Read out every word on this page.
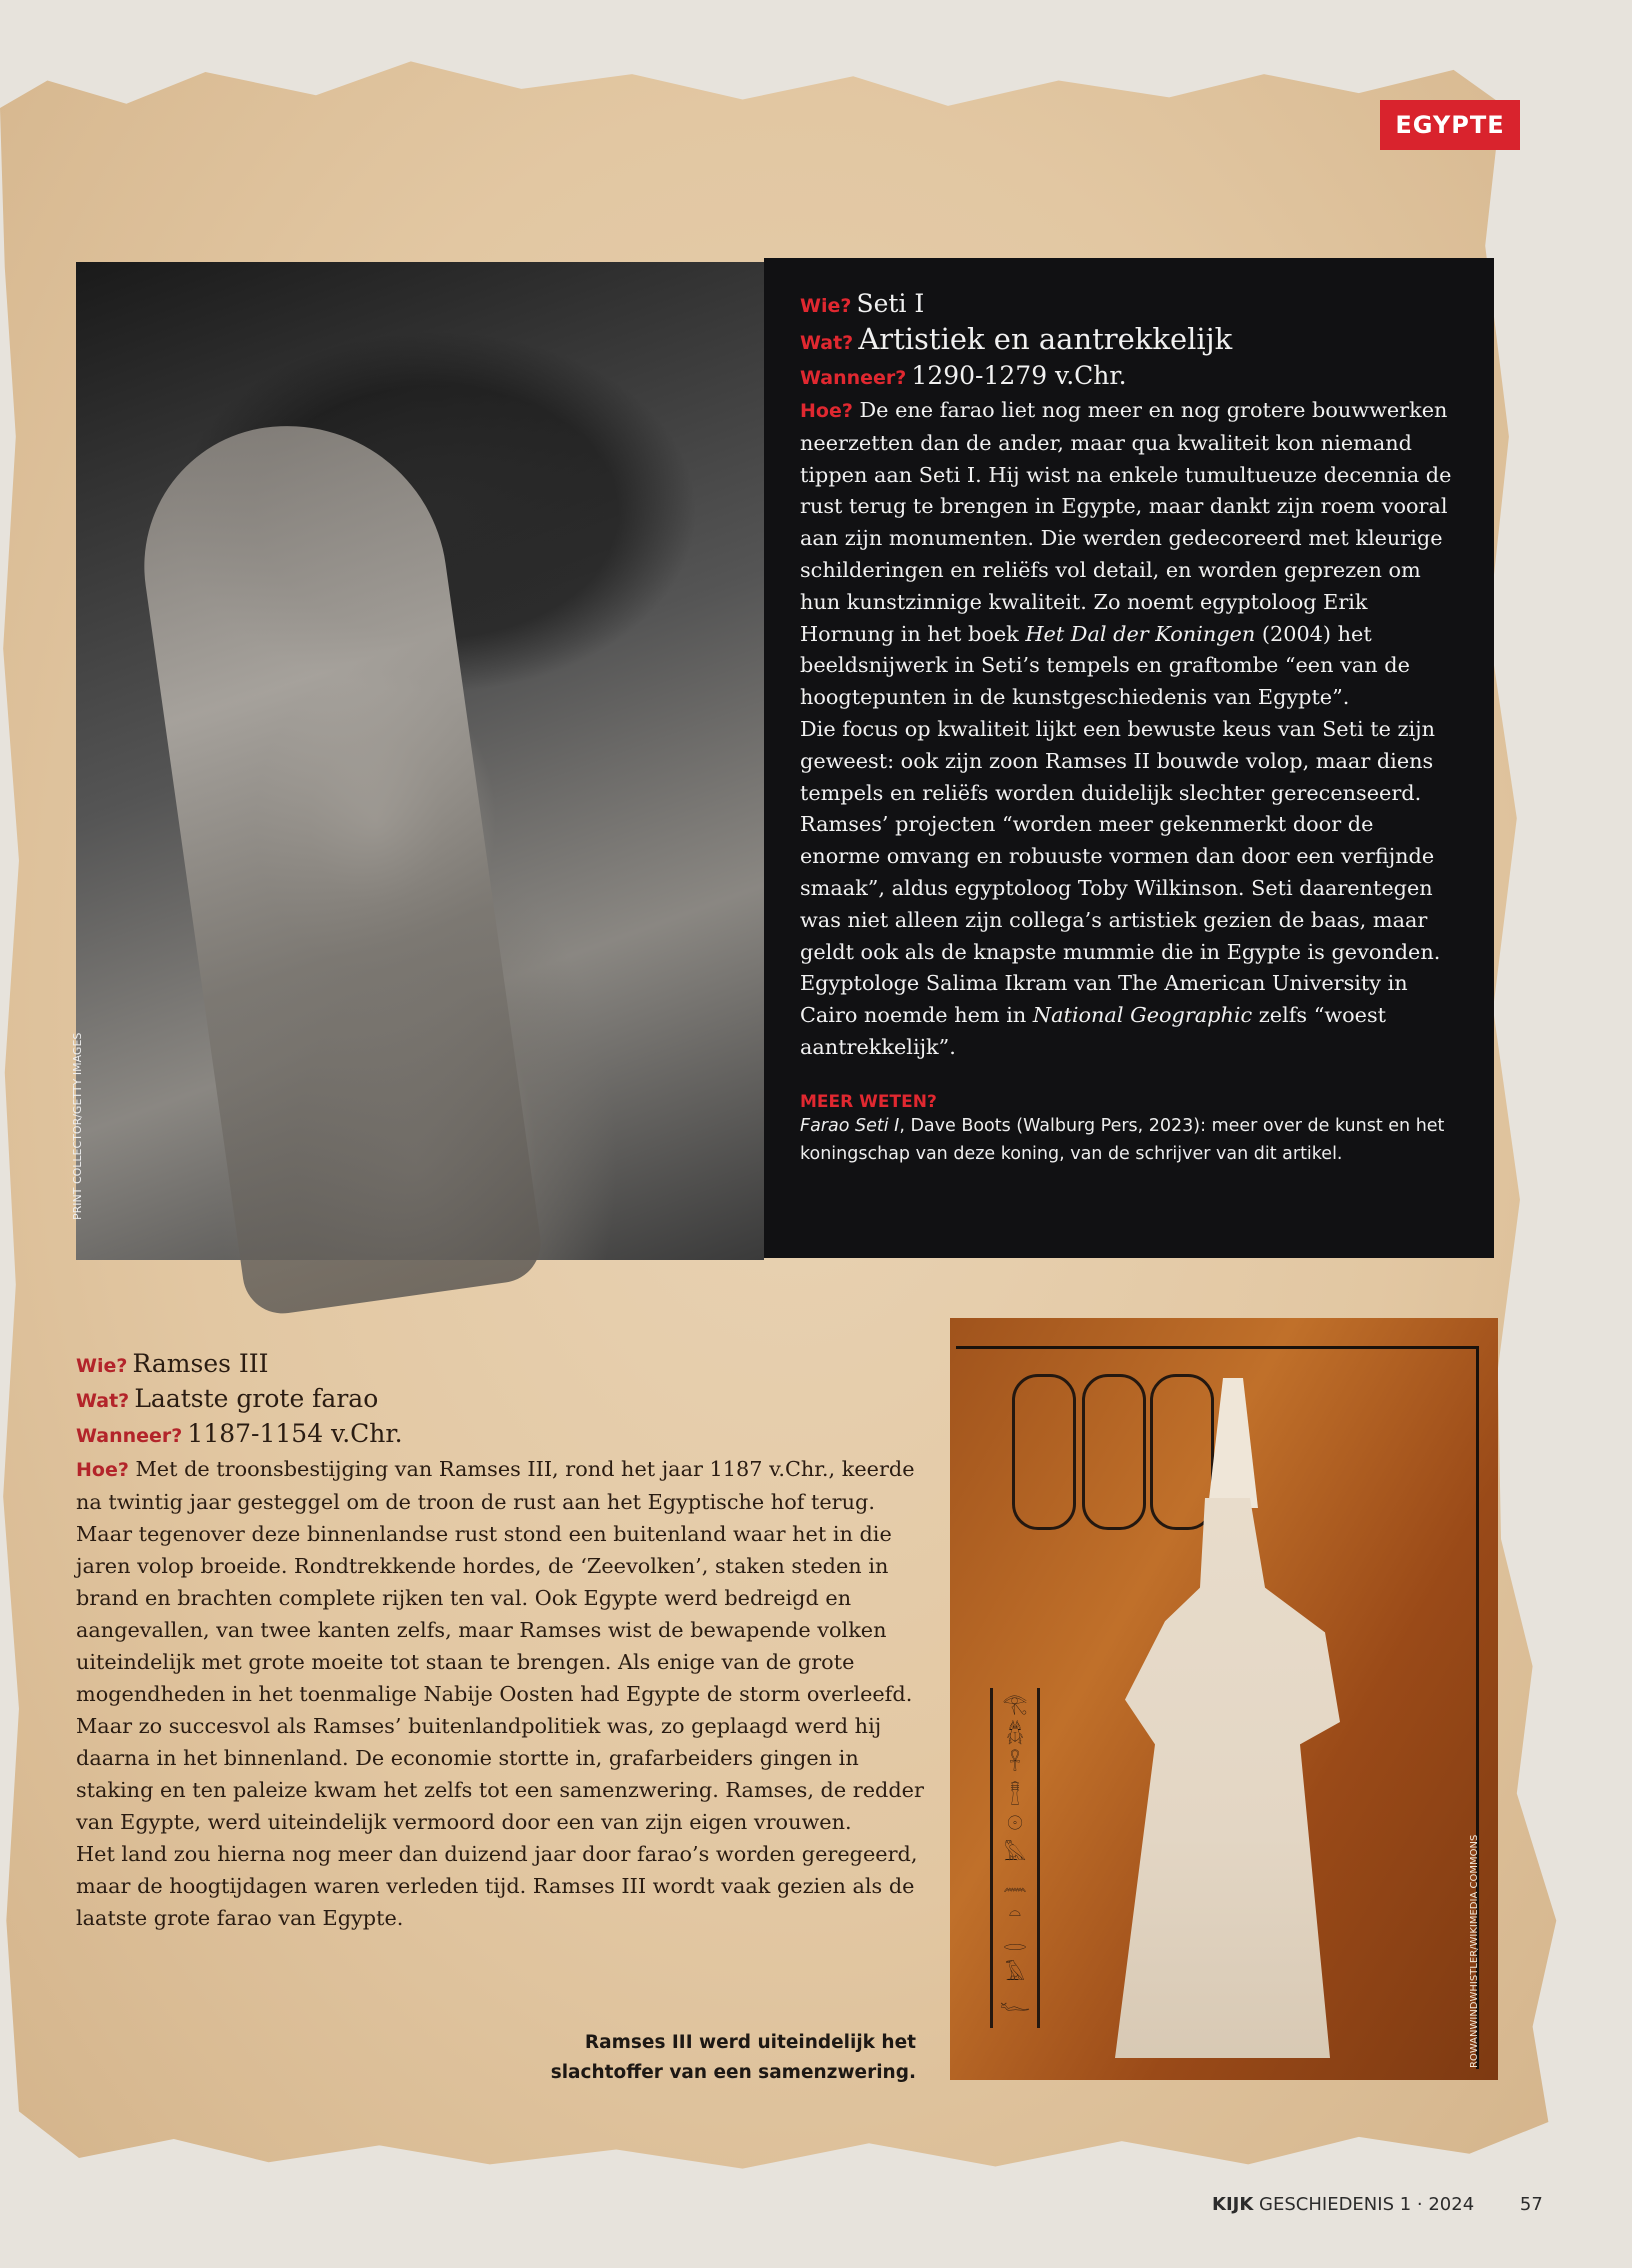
EGYPTE
PRINT COLLECTOR/GETTY IMAGES
Wie? Seti I
Wat? Artistiek en aantrekkelijk
Wanneer? 1290-1279 v.Chr.
Hoe? De ene farao liet nog meer en nog grotere bouwwerken neerzetten dan de ander, maar qua kwaliteit kon niemand tippen aan Seti I. Hij wist na enkele tumultueuze decennia de rust terug te brengen in Egypte, maar dankt zijn roem vooral aan zijn monumenten. Die werden gedecoreerd met kleurige schilderingen en reliëfs vol detail, en worden geprezen om hun kunstzinnige kwaliteit. Zo noemt egyptoloog Erik Hornung in het boek Het Dal der Koningen (2004) het beeldsnijwerk in Seti’s tempels en graftombe “een van de hoogtepunten in de kunstgeschiedenis van Egypte”.
Die focus op kwaliteit lijkt een bewuste keus van Seti te zijn geweest: ook zijn zoon Ramses II bouwde volop, maar diens tempels en reliëfs worden duidelijk slechter gerecenseerd. Ramses’ projecten “worden meer gekenmerkt door de enorme omvang en robuuste vormen dan door een verfijnde smaak”, aldus egyptoloog Toby Wilkinson. Seti daarentegen was niet alleen zijn collega’s artistiek gezien de baas, maar geldt ook als de knapste mummie die in Egypte is gevonden. Egyptologe Salima Ikram van The American University in Cairo noemde hem in National Geographic zelfs “woest aantrekkelijk”.
MEER WETEN?
Farao Seti I, Dave Boots (Walburg Pers, 2023): meer over de kunst en het koningschap van deze koning, van de schrijver van dit artikel.
Wie? Ramses III
Wat? Laatste grote farao
Wanneer? 1187-1154 v.Chr.
Hoe? Met de troonsbestijging van Ramses III, rond het jaar 1187 v.Chr., keerde na twintig jaar gesteggel om de troon de rust aan het Egyptische hof terug. Maar tegenover deze binnenlandse rust stond een buitenland waar het in die jaren volop broeide. Rondtrekkende hordes, de ‘Zeevolken’, staken steden in brand en brachten complete rijken ten val. Ook Egypte werd bedreigd en aangevallen, van twee kanten zelfs, maar Ramses wist de bewapende volken uiteindelijk met grote moeite tot staan te brengen. Als enige van de grote mogendheden in het toenmalige Nabije Oosten had Egypte de storm overleefd.
Maar zo succesvol als Ramses’ buitenlandpolitiek was, zo geplaagd werd hij daarna in het binnenland. De economie stortte in, grafarbeiders gingen in staking en ten paleize kwam het zelfs tot een samenzwering. Ramses, de redder van Egypte, werd uiteindelijk vermoord door een van zijn eigen vrouwen.
Het land zou hierna nog meer dan duizend jaar door farao’s worden geregeerd, maar de hoogtijdagen waren verleden tijd. Ramses III wordt vaak gezien als de laatste grote farao van Egypte.
Ramses III werd uiteindelijk het slachtoffer van een samenzwering.
𓂀
𓆣
𓋹
𓊽
𓇳
𓅓
𓈖
𓏏
𓂋
𓄿
𓆑	ROWANWINDWHISTLER/WIKIMEDIA COMMONS
KIJK GESCHIEDENIS 1 · 2024	57
